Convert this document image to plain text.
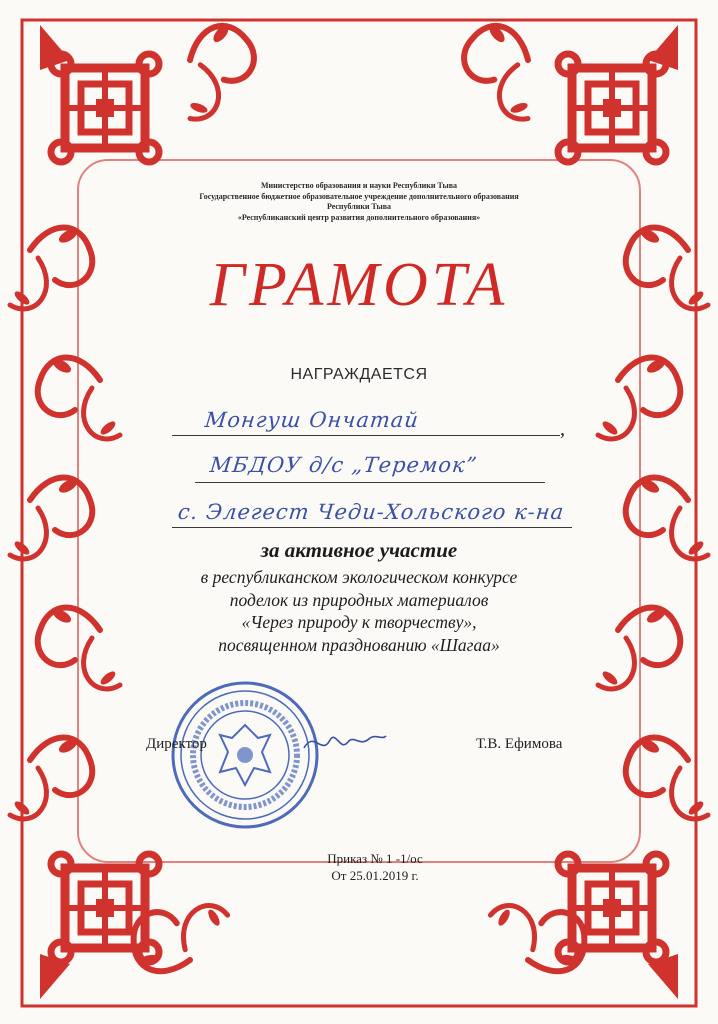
Министерство образования и науки Республики Тыва
Государственное бюджетное образовательное учреждение дополнительного образования
Республики Тыва
«Республиканский центр развития дополнительного образования»
ГРАМОТА
НАГРАЖДАЕТСЯ
Монгуш Ончатай	,
МБДОУ д/с „Теремок”
с. Элегест Чеди-Хольского к-на
за активное участие
в республиканском экологическом конкурсе
поделок из природных материалов
«Через природу к творчеству»,
посвященном празднованию «Шагаа»
Директор	Т.В. Ефимова
Приказ № 1 -1/ос
От 25.01.2019 г.
